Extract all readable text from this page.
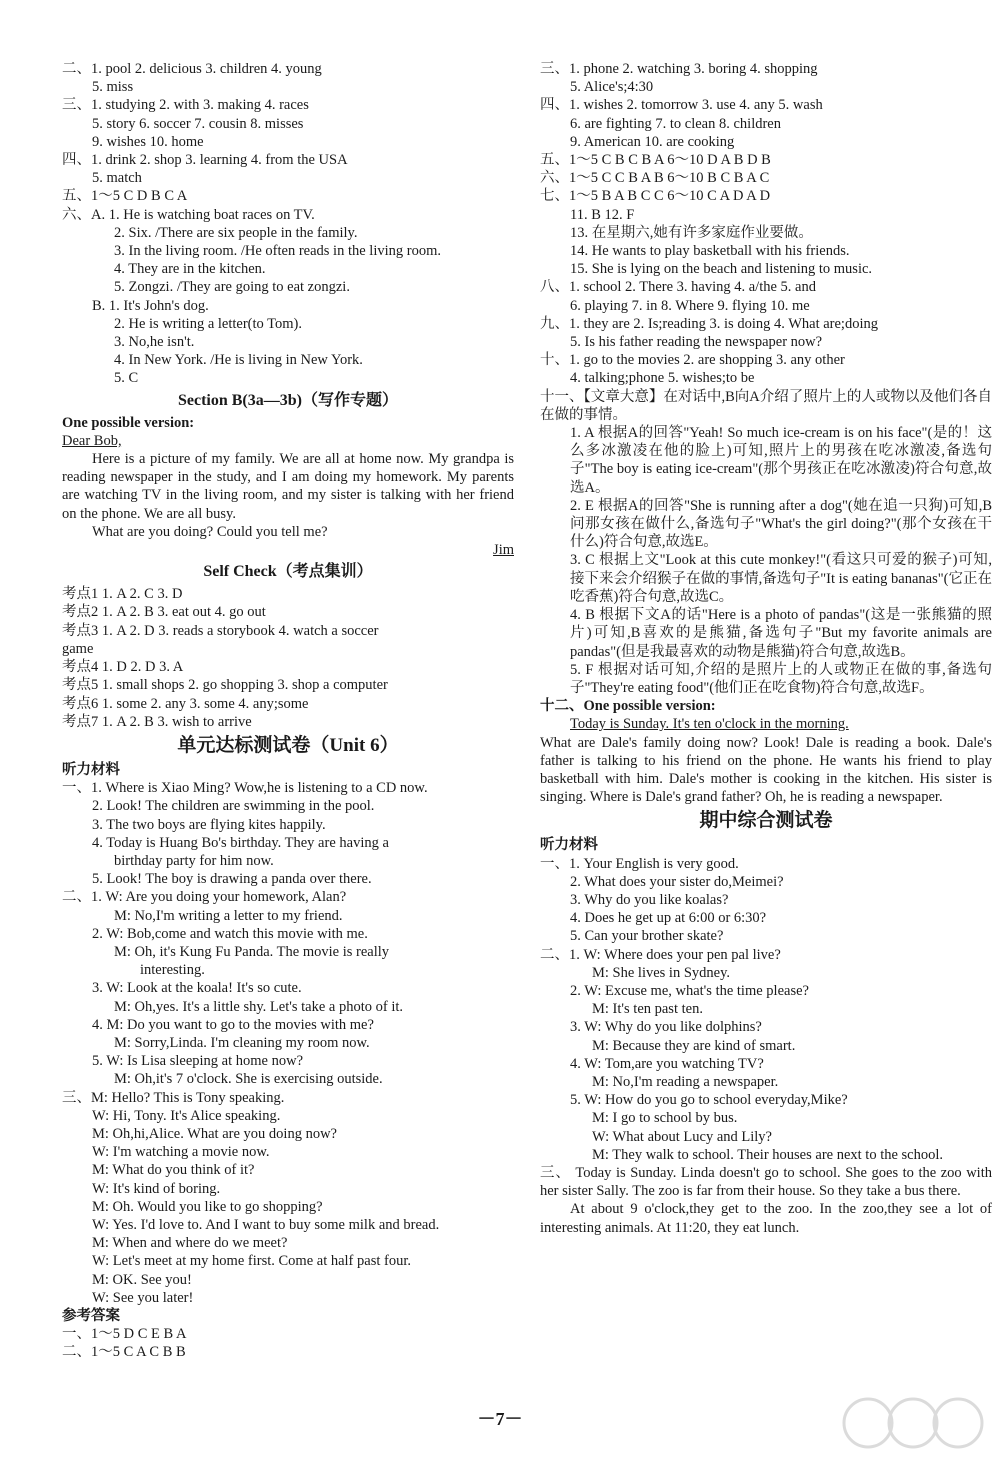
二、1. pool 2. delicious 3. children 4. young
5. miss
三、1. studying 2. with 3. making 4. races
5. story 6. soccer 7. cousin 8. misses
9. wishes 10. home
四、1. drink 2. shop 3. learning 4. from the USA
5. match
五、1～5 C D B C A
六、A. 1. He is watching boat races on TV.
2. Six. /There are six people in the family.
3. In the living room. /He often reads in the living room.
4. They are in the kitchen.
5. Zongzi. /They are going to eat zongzi.
B. 1. It's John's dog.
2. He is writing a letter(to Tom).
3. No,he isn't.
4. In New York. /He is living in New York.
5. C
Section B(3a—3b)（写作专题）
One possible version:
Dear Bob,
Here is a picture of my family. We are all at home now. My grandpa is reading newspaper in the study, and I am doing my homework. My parents are watching TV in the living room, and my sister is talking with her friend on the phone. We are all busy.
What are you doing? Could you tell me?
Jim
Self Check（考点集训）
考点1 1. A 2. C 3. D
考点2 1. A 2. B 3. eat out 4. go out
考点3 1. A 2. D 3. reads a storybook 4. watch a soccer
game
考点4 1. D 2. D 3. A
考点5 1. small shops 2. go shopping 3. shop a computer
考点6 1. some 2. any 3. some 4. any;some
考点7 1. A 2. B 3. wish to arrive
单元达标测试卷（Unit 6）
听力材料
一、1. Where is Xiao Ming? Wow,he is listening to a CD now.
2. Look! The children are swimming in the pool.
3. The two boys are flying kites happily.
4. Today is Huang Bo's birthday. They are having a
birthday party for him now.
5. Look! The boy is drawing a panda over there.
二、1. W: Are you doing your homework, Alan?
M: No,I'm writing a letter to my friend.
2. W: Bob,come and watch this movie with me.
M: Oh, it's Kung Fu Panda. The movie is really
interesting.
3. W: Look at the koala! It's so cute.
M: Oh,yes. It's a little shy. Let's take a photo of it.
4. M: Do you want to go to the movies with me?
M: Sorry,Linda. I'm cleaning my room now.
5. W: Is Lisa sleeping at home now?
M: Oh,it's 7 o'clock. She is exercising outside.
三、M: Hello? This is Tony speaking.
W: Hi, Tony. It's Alice speaking.
M: Oh,hi,Alice. What are you doing now?
W: I'm watching a movie now.
M: What do you think of it?
W: It's kind of boring.
M: Oh. Would you like to go shopping?
W: Yes. I'd love to. And I want to buy some milk and bread.
M: When and where do we meet?
W: Let's meet at my home first. Come at half past four.
M: OK. See you!
W: See you later!
参考答案
一、1～5 D C E B A
二、1～5 C A C B B
三、1. phone 2. watching 3. boring 4. shopping
5. Alice's;4:30
四、1. wishes 2. tomorrow 3. use 4. any 5. wash
6. are fighting 7. to clean 8. children
9. American 10. are cooking
五、1～5 C B C B A 6～10 D A B D B
六、1～5 C C B A B 6～10 B C B A C
七、1～5 B A B C C 6～10 C A D A D
11. B 12. F
13. 在星期六,她有许多家庭作业要做。
14. He wants to play basketball with his friends.
15. She is lying on the beach and listening to music.
八、1. school 2. There 3. having 4. a/the 5. and
6. playing 7. in 8. Where 9. flying 10. me
九、1. they are 2. Is;reading 3. is doing 4. What are;doing
5. Is his father reading the newspaper now?
十、1. go to the movies 2. are shopping 3. any other
4. talking;phone 5. wishes;to be
十一、【文章大意】在对话中,B向A介绍了照片上的人或物以及他们各自在做的事情。
1. A 根据A的回答"Yeah! So much ice-cream is on his face"(是的！这么多冰激凌在他的脸上)可知,照片上的男孩在吃冰激凌,备选句子"The boy is eating ice-cream"(那个男孩正在吃冰激凌)符合句意,故选A。
2. E 根据A的回答"She is running after a dog"(她在追一只狗)可知,B问那女孩在做什么,备选句子"What's the girl doing?"(那个女孩在干什么)符合句意,故选E。
3. C 根据上文"Look at this cute monkey!"(看这只可爱的猴子)可知,接下来会介绍猴子在做的事情,备选句子"It is eating bananas"(它正在吃香蕉)符合句意,故选C。
4. B 根据下文A的话"Here is a photo of pandas"(这是一张熊猫的照片)可知,B喜欢的是熊猫,备选句子"But my favorite animals are pandas"(但是我最喜欢的动物是熊猫)符合句意,故选B。
5. F 根据对话可知,介绍的是照片上的人或物正在做的事,备选句子"They're eating food"(他们正在吃食物)符合句意,故选F。
十二、One possible version:
Today is Sunday. It's ten o'clock in the morning.
What are Dale's family doing now? Look! Dale is reading a book. Dale's father is talking to his friend on the phone. He wants his friend to play basketball with him. Dale's mother is cooking in the kitchen. His sister is singing. Where is Dale's grand father? Oh, he is reading a newspaper.
期中综合测试卷
听力材料
一、1. Your English is very good.
2. What does your sister do,Meimei?
3. Why do you like koalas?
4. Does he get up at 6:00 or 6:30?
5. Can your brother skate?
二、1. W: Where does your pen pal live?
M: She lives in Sydney.
2. W: Excuse me, what's the time please?
M: It's ten past ten.
3. W: Why do you like dolphins?
M: Because they are kind of smart.
4. W: Tom,are you watching TV?
M: No,I'm reading a newspaper.
5. W: How do you go to school everyday,Mike?
M: I go to school by bus.
W: What about Lucy and Lily?
M: They walk to school. Their houses are next to the school.
三、 Today is Sunday. Linda doesn't go to school. She goes to the zoo with her sister Sally. The zoo is far from their house. So they take a bus there.
At about 9 o'clock,they get to the zoo. In the zoo,they see a lot of interesting animals. At 11:20, they eat lunch.
－7－
